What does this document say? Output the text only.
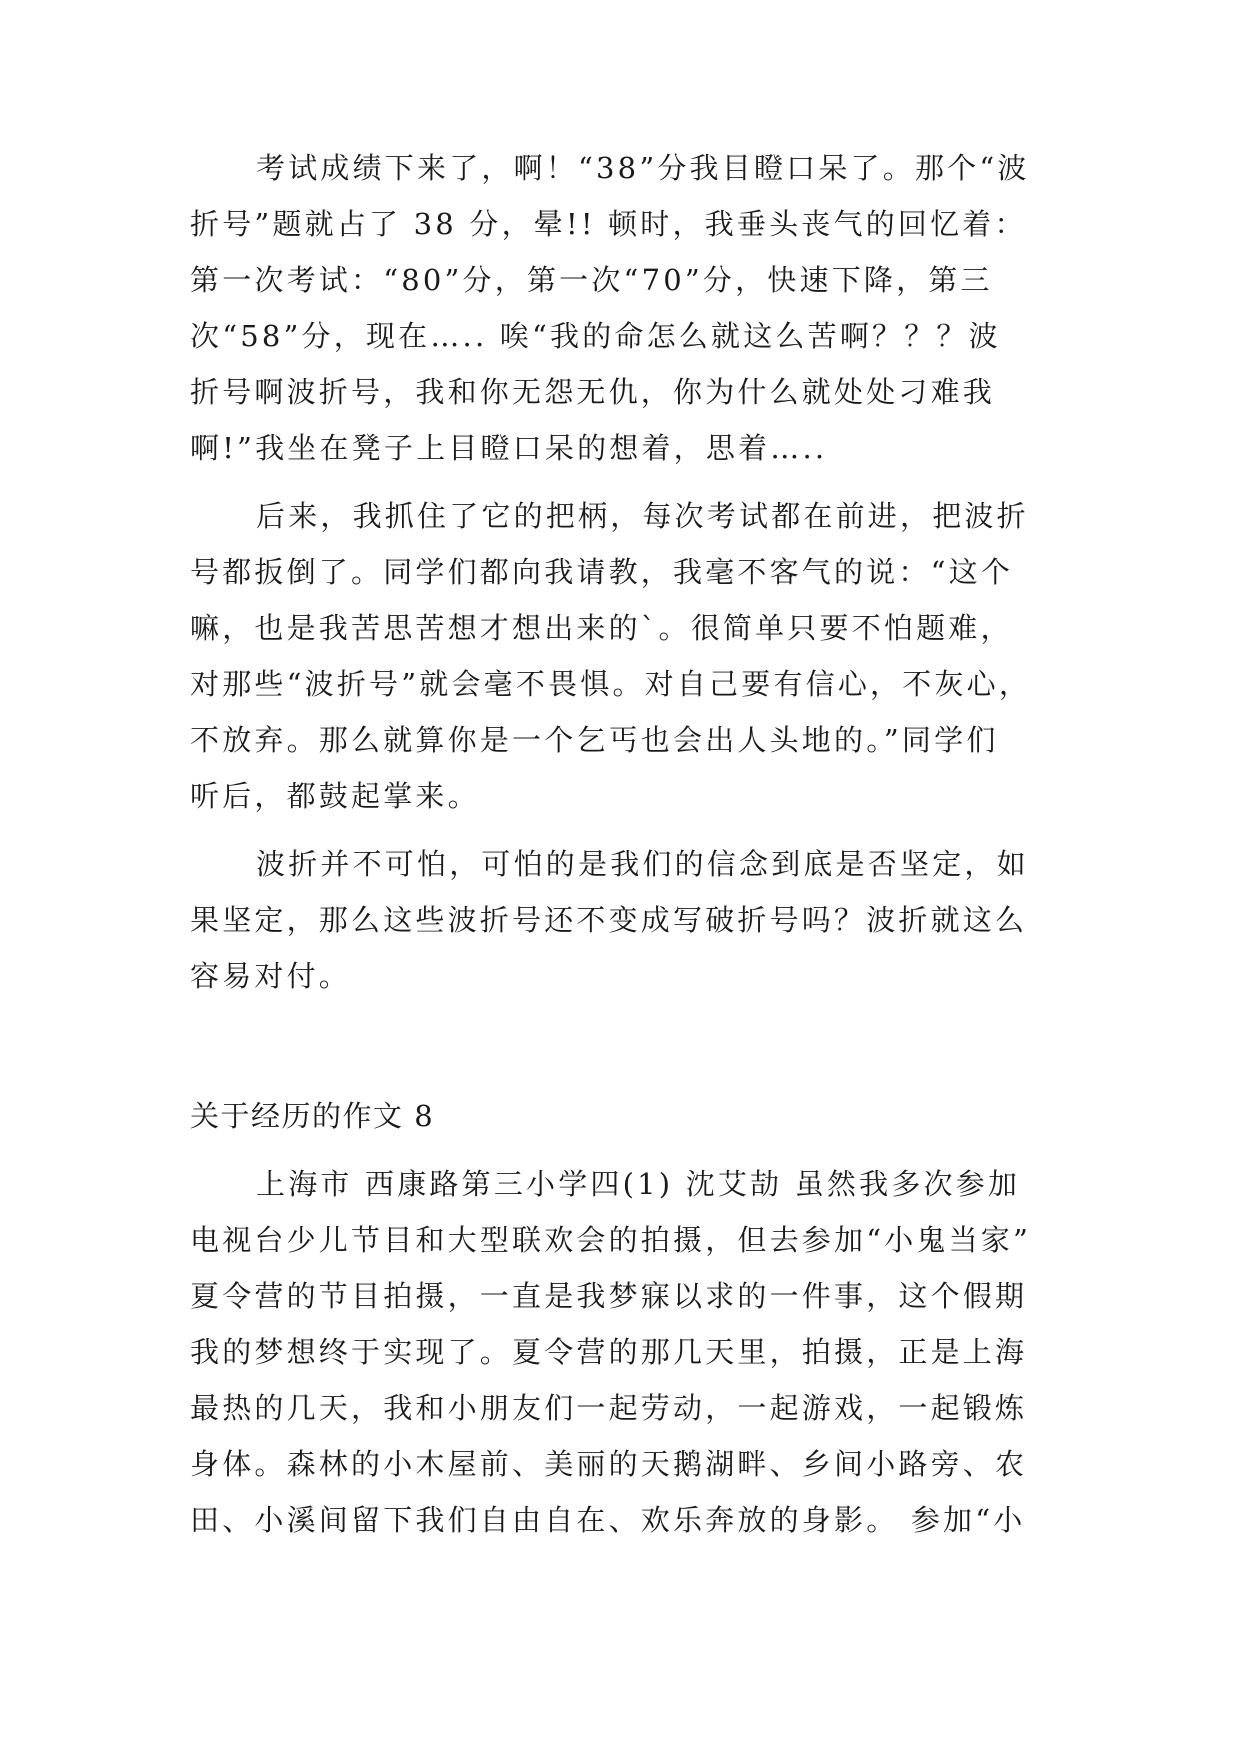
考试成绩下来了，啊！“38”分我目瞪口呆了。那个“波
折号”题就占了 38 分，晕!! 顿时，我垂头丧气的回忆着：
第一次考试：“80”分，第一次“70”分，快速下降，第三
次“58”分，现在….. 唉“我的命怎么就这么苦啊？？？波
折号啊波折号，我和你无怨无仇，你为什么就处处刁难我
啊!”我坐在凳子上目瞪口呆的想着，思着…..
后来，我抓住了它的把柄，每次考试都在前进，把波折
号都扳倒了。同学们都向我请教，我毫不客气的说：“这个
嘛，也是我苦思苦想才想出来的`。很简单只要不怕题难，
对那些“波折号”就会毫不畏惧。对自己要有信心，不灰心，
不放弃。那么就算你是一个乞丐也会出人头地的。”同学们
听后，都鼓起掌来。
波折并不可怕，可怕的是我们的信念到底是否坚定，如
果坚定，那么这些波折号还不变成写破折号吗？波折就这么
容易对付。
关于经历的作文 8
上海市 西康路第三小学四(1) 沈艾劼 虽然我多次参加
电视台少儿节目和大型联欢会的拍摄，但去参加“小鬼当家”
夏令营的节目拍摄，一直是我梦寐以求的一件事，这个假期
我的梦想终于实现了。夏令营的那几天里，拍摄，正是上海
最热的几天，我和小朋友们一起劳动，一起游戏，一起锻炼
身体。森林的小木屋前、美丽的天鹅湖畔、乡间小路旁、农
田、小溪间留下我们自由自在、欢乐奔放的身影。 参加“小
